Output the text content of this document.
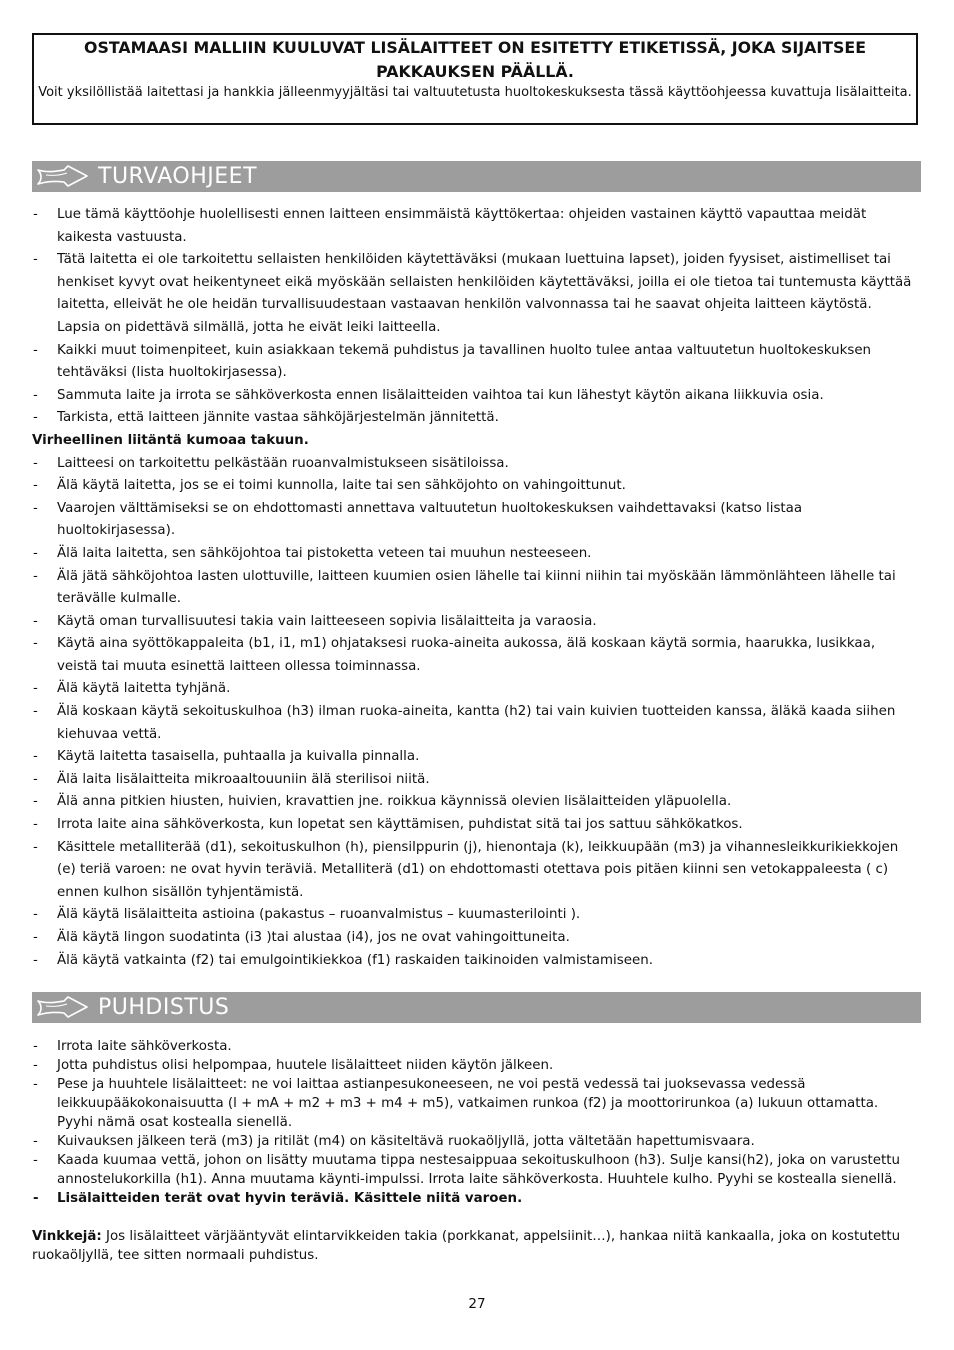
OSTAMAASI MALLIIN KUULUVAT LISÄLAITTEET ON ESITETTY ETIKETISSÄ, JOKA SIJAITSEE PAKKAUKSEN PÄÄLLÄ.

Voit yksilöllistää laitettasi ja hankkia jälleenmyyjältäsi tai valtuutetusta huoltokeskuksesta tässä käyttöohjeessa kuvattuja lisälaitteita.

TURVAOHJEET
- Lue tämä käyttöohje huolellisesti ennen laitteen ensimmäistä käyttökertaa: ohjeiden vastainen käyttö vapauttaa meidät kaikesta vastuusta.
- Tätä laitetta ei ole tarkoitettu sellaisten henkilöiden käytettäväksi (mukaan luettuina lapset), joiden fyysiset, aistimelliset tai henkiset kyvyt ovat heikentyneet eikä myöskään sellaisten henkilöiden käytettäväksi, joilla ei ole tietoa tai tuntemusta käyttää laitetta, elleivät he ole heidän turvallisuudestaan vastaavan henkilön valvonnassa tai he saavat ohjeita laitteen käytöstä. Lapsia on pidettävä silmällä, jotta he eivät leiki laitteella.
- Kaikki muut toimenpiteet, kuin asiakkaan tekemä puhdistus ja tavallinen huolto tulee antaa valtuutetun huoltokeskuksen tehtäväksi (lista huoltokirjasessa).
- Sammuta laite ja irrota se sähköverkosta ennen lisälaitteiden vaihtoa tai kun lähestyt käytön aikana liikkuvia osia.
- Tarkista, että laitteen jännite vastaa sähköjärjestelmän jännitettä.

Virheellinen liitäntä kumoaa takuun.

- Laitteesi on tarkoitettu pelkästään ruoanvalmistukseen sisätiloissa.
- Älä käytä laitetta, jos se ei toimi kunnolla, laite tai sen sähköjohto on vahingoittunut.
- Vaarojen välttämiseksi se on ehdottomasti annettava valtuutetun huoltokeskuksen vaihdettavaksi (katso listaa huoltokirjasessa).
- Älä laita laitetta, sen sähköjohtoa tai pistoketta veteen tai muuhun nesteeseen.
- Älä jätä sähköjohtoa lasten ulottuville, laitteen kuumien osien lähelle tai kiinni niihin tai myöskään lämmönlähteen lähelle tai terävälle kulmalle.
- Käytä oman turvallisuutesi takia vain laitteeseen sopivia lisälaitteita ja varaosia.
- Käytä aina syöttökappaleita (b1, i1, m1) ohjataksesi ruoka-aineita aukossa, älä koskaan käytä sormia, haarukka, lusikkaa, veistä tai muuta esinettä laitteen ollessa toiminnassa.
- Älä käytä laitetta tyhjänä.
- Älä koskaan käytä sekoituskulhoa (h3) ilman ruoka-aineita, kantta (h2) tai vain kuivien tuotteiden kanssa, äläkä kaada siihen kiehuvaa vettä.
- Käytä laitetta tasaisella, puhtaalla ja kuivalla pinnalla.
- Älä laita lisälaitteita mikroaaltouuniin älä sterilisoi niitä.
- Älä anna pitkien hiusten, huivien, kravattien jne. roikkua käynnissä olevien lisälaitteiden yläpuolella.
- Irrota laite aina sähköverkosta, kun lopetat sen käyttämisen, puhdistat sitä tai jos sattuu sähkökatkos.
- Käsittele metalliterää (d1), sekoituskulhon (h), piensilppurin (j), hienontaja (k), leikkuupään (m3) ja vihannesleikkurikiekkojen (e) teriä varoen: ne ovat hyvin teräviä. Metalliterä (d1) on ehdottomasti otettava pois pitäen kiinni sen vetokappaleesta ( c) ennen kulhon sisällön tyhjentämistä.
- Älä käytä lisälaitteita astioina (pakastus – ruoanvalmistus – kuumasterilointi ).
- Älä käytä lingon suodatinta (i3 )tai alustaa (i4), jos ne ovat vahingoittuneita.
- Älä käytä vatkainta (f2) tai emulgointikiekkoa (f1) raskaiden taikinoiden valmistamiseen.
PUHDISTUS
- Irrota laite sähköverkosta.
- Jotta puhdistus olisi helpompaa, huutele lisälaitteet niiden käytön jälkeen.
- Pese ja huuhtele lisälaitteet: ne voi laittaa astianpesukoneeseen, ne voi pestä vedessä tai juoksevassa vedessä leikkuupääkokonaisuutta (l + mA + m2 + m3 + m4 + m5), vatkaimen runkoa (f2) ja moottorirunkoa (a) lukuun ottamatta. Pyyhi nämä osat kostealla sienellä.
- Kuivauksen jälkeen terä (m3) ja ritilät (m4) on käsiteltävä ruokaöljyllä, jotta vältetään hapettumisvaara.
- Kaada kuumaa vettä, johon on lisätty muutama tippa nestesaippuaa sekoituskulhoon (h3). Sulje kansi(h2), joka on varustettu annostelukorkilla (h1). Anna muutama käynti-impulssi. Irrota laite sähköverkosta. Huuhtele kulho. Pyyhi se kostealla sienellä.
- Lisälaitteiden terät ovat hyvin teräviä. Käsittele niitä varoen.

Vinkkejä: Jos lisälaitteet värjääntyvät elintarvikkeiden takia (porkkanat, appelsiinit…), hankaa niitä kankaalla, joka on kostutettu ruokaöljyllä, tee sitten normaali puhdistus.

27
